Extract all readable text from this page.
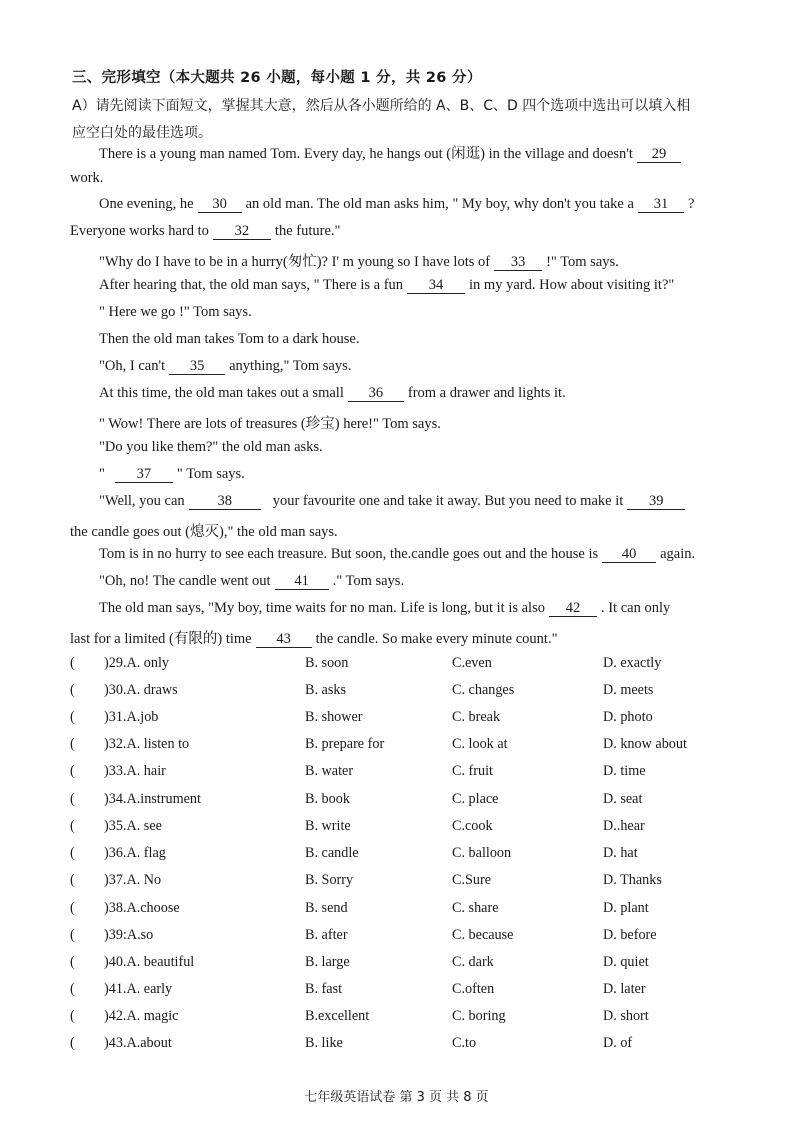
三、完形填空（本大题共 26 小题，每小题 1 分，共 26 分）
A）请先阅读下面短文，掌握其大意，然后从各小题所给的 A、B、C、D 四个选项中选出可以填入相
应空白处的最佳选项。
There is a young man named Tom. Every day, he hangs out (闲逛) in the village and doesn't 29
work.
One evening, he 30 an old man. The old man asks him, " My boy, why don't you take a 31 ?
Everyone works hard to 32 the future."
"Why do I have to be in a hurry(匆忙)? I' m young so I have lots of 33 !" Tom says.
After hearing that, the old man says, " There is a fun 34 in my yard. How about visiting it?"
" Here we go !" Tom says.
Then the old man takes Tom to a dark house.
"Oh, I can't 35 anything," Tom says.
At this time, the old man takes out a small 36 from a drawer and lights it.
" Wow! There are lots of treasures (珍宝) here!" Tom says.
"Do you like them?" the old man asks.
" 37 " Tom says.
"Well, you can 38	your favourite one and take it away. But you need to make it 39
the candle goes out (熄灭)," the old man says.
Tom is in no hurry to see each treasure. But soon, the.candle goes out and the house is 40 again.
"Oh, no! The candle went out 41 ." Tom says.
The old man says, "My boy, time waits for no man. Life is long, but it is also 42 . It can only
last for a limited (有限的) time 43 the candle. So make every minute count."
( )29.A. only	B. soon	C.even	D. exactly
( )30.A. draws	B. asks	C. changes	D. meets
( )31.A.job	B. shower	C. break	D. photo
( )32.A. listen to	B. prepare for	C. look at	D. know about
( )33.A. hair	B. water	C. fruit	D. time
( )34.A.instrument	B. book	C. place	D. seat
( )35.A. see	B. write	C.cook	D..hear
( )36.A. flag	B. candle	C. balloon	D. hat
( )37.A. No	B. Sorry	C.Sure	D. Thanks
( )38.A.choose	B. send	C. share	D. plant
( )39:A.so	B. after	C. because	D. before
( )40.A. beautiful	B. large	C. dark	D. quiet
( )41.A. early	B. fast	C.often	D. later
( )42.A. magic	B.excellent	C. boring	D. short
( )43.A.about	B. like	C.to	D. of
七年级英语试卷 第 3 页 共 8 页
